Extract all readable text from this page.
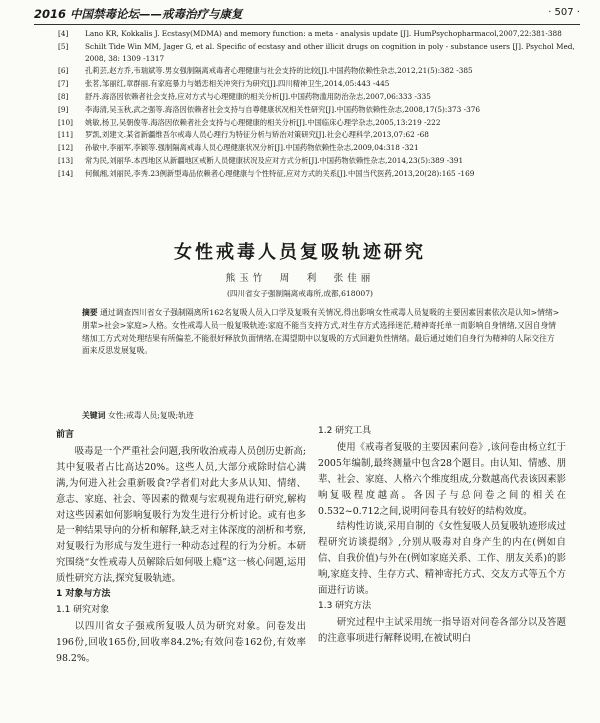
2016 中国禁毒论坛——戒毒治疗与康复	· 507 ·
[4] Lano KR, Kokkalis J. Ecstasy(MDMA) and memory function: a meta - analysis update [J]. HumPsychopharmacol,2007,22:381-388
[5] Schilt Tide Win MM, Jager G, et al. Specific of ecstasy and other illicit drugs on cognition in poly - substance users [J]. Psychol Med, 2008, 38: 1309 -1317
[6] 孔莉芸,赵方乔,韦瑞斌等.男女强制隔离戒毒者心理健康与社会支持的比较[J].中国药物依赖性杂志,2012,21(5):382 -385
[7] 张茗,邹丽红,章群丽.有家庭暴力与婚恋相关冲突行为研究[J].四川精神卫生,2014,05:443 -445
[8] 舒丹.海洛因依赖者社会支持,应对方式与心理健康的相关分析[J].中国药物滥用防治杂志,2007,06:333 -335
[9] 李海清,吴玉秋,武之强等.海洛因依赖者社会支持与自尊健康状况相关性研究[J].中国药物依赖性杂志,2008,17(5):373 -376
[10] 姚敏,杨卫,吴朝俊等.海洛因依赖者社会支持与心理健康的相关分析[J].中国临床心理学杂志,2005,13:219 -222
[11] 罗凯,刘建文.某省新疆维吾尔戒毒人员心理行为特征分析与矫治对策研究[J].社会心理科学,2013,07:62 -68
[12] 孙敏中,李丽军,李颖等.强制隔离戒毒人员心理健康状况分析[J].中国药物依赖性杂志,2009,04:318 -321
[13] 常为民,刘丽华.本西地区从新疆地区戒断人员健康状况及应对方式分析[J].中国药物依赖性杂志,2014,23(5):389 -391
[14] 何佩湘,刘丽民,李秀.23例新型毒品依赖者心理健康与个性特征,应对方式的关系[J].中国当代医药,2013,20(28):165 -169
女性戒毒人员复吸轨迹研究
熊玉竹　周　利　张佳丽
(四川省女子强制隔离戒毒所,成都,618007)
摘要 通过调查四川省女子强制隔离所162名复吸人员入口学及复吸有关情况,得出影响女性戒毒人员复吸的主要因素因素依次是认知>情绪>朋辈>社会>家庭>人格。女性戒毒人员一般复吸轨迹:家庭不能当支持方式,对生存方式选择迷茫,精神寄托单一而影响自身情绪,又因自身情绪加工方式对处理结果有所偏差,不能很好释放负面情绪,在渴望期中以复吸的方式回避负性情绪。最后通过她们自身行为精神的人际交往方面来反思发展复吸。
关键词 女性;戒毒人员;复吸;轨迹

前言

吸毒是一个严重社会问题,我所收治戒毒人员创历史新高;其中复吸者占比高达20%。这些人员,大部分戒除时信心满满,为何进入社会重新吸食?学者们对此大多从认知、情绪、意志、家庭、社会、等因素的微观与宏观视角进行研究,解构对这些因素如何影响复吸行为发生进行分析讨论。或有也多是一种结果导向的分析和解释,缺乏对主体深度的剖析和考察,对复吸行为形成与发生进行一种动态过程的行为分析。本研究围绕“女性戒毒人员解除后如何吸上瘾”这一核心问题,运用质性研究方法,探究复吸轨迹。

1 对象与方法

1.1 研究对象

以四川省女子强戒所复吸人员为研究对象。问卷发出196份,回收165份,回收率84.2%;有效问卷162份,有效率98.2%。

1.2 研究工具

使用《戒毒者复吸的主要因素问卷》,该问卷由杨立红于2005年编制,最终测量中包含28个题目。由认知、情感、朋辈、社会、家庭、人格六个维度组成,分数越高代表该因素影响复吸程度越高。各因子与总问卷之间的相关在0.532~0.712之间,说明问卷具有较好的结构效度。

结构性访谈,采用自制的《女性复吸人员复吸轨迹形成过程研究访谈提纲》,分别从吸毒对自身产生的内在(例如自信、自我价值)与外在(例如家庭关系、工作、朋友关系)的影响,家庭支持、生存方式、精神寄托方式、交友方式等五个方面进行访谈。

1.3 研究方法

研究过程中主试采用统一指导语对问卷各部分以及答题的注意事项进行解释说明,在被试明白
